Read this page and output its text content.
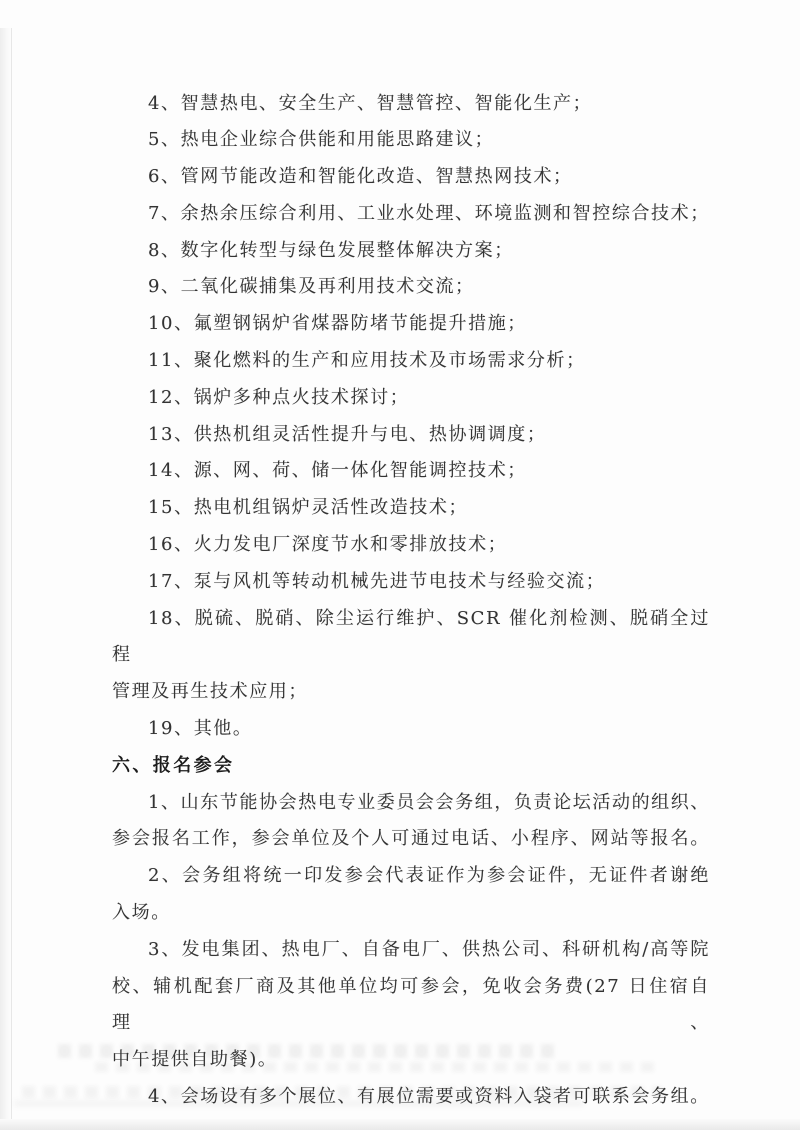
4、智慧热电、安全生产、智慧管控、智能化生产；
5、热电企业综合供能和用能思路建议；
6、管网节能改造和智能化改造、智慧热网技术；
7、余热余压综合利用、工业水处理、环境监测和智控综合技术；
8、数字化转型与绿色发展整体解决方案；
9、二氧化碳捕集及再利用技术交流；
10、氟塑钢锅炉省煤器防堵节能提升措施；
11、聚化燃料的生产和应用技术及市场需求分析；
12、锅炉多种点火技术探讨；
13、供热机组灵活性提升与电、热协调调度；
14、源、网、荷、储一体化智能调控技术；
15、热电机组锅炉灵活性改造技术；
16、火力发电厂深度节水和零排放技术；
17、泵与风机等转动机械先进节电技术与经验交流；
18、脱硫、脱硝、除尘运行维护、SCR 催化剂检测、脱硝全过程
管理及再生技术应用；
19、其他。
六、报名参会
1、山东节能协会热电专业委员会会务组，负责论坛活动的组织、
参会报名工作，参会单位及个人可通过电话、小程序、网站等报名。
2、会务组将统一印发参会代表证作为参会证件，无证件者谢绝
入场。
3、发电集团、热电厂、自备电厂、供热公司、科研机构/高等院
校、辅机配套厂商及其他单位均可参会，免收会务费(27 日住宿自理、
中午提供自助餐)。
4、会场设有多个展位、有展位需要或资料入袋者可联系会务组。
